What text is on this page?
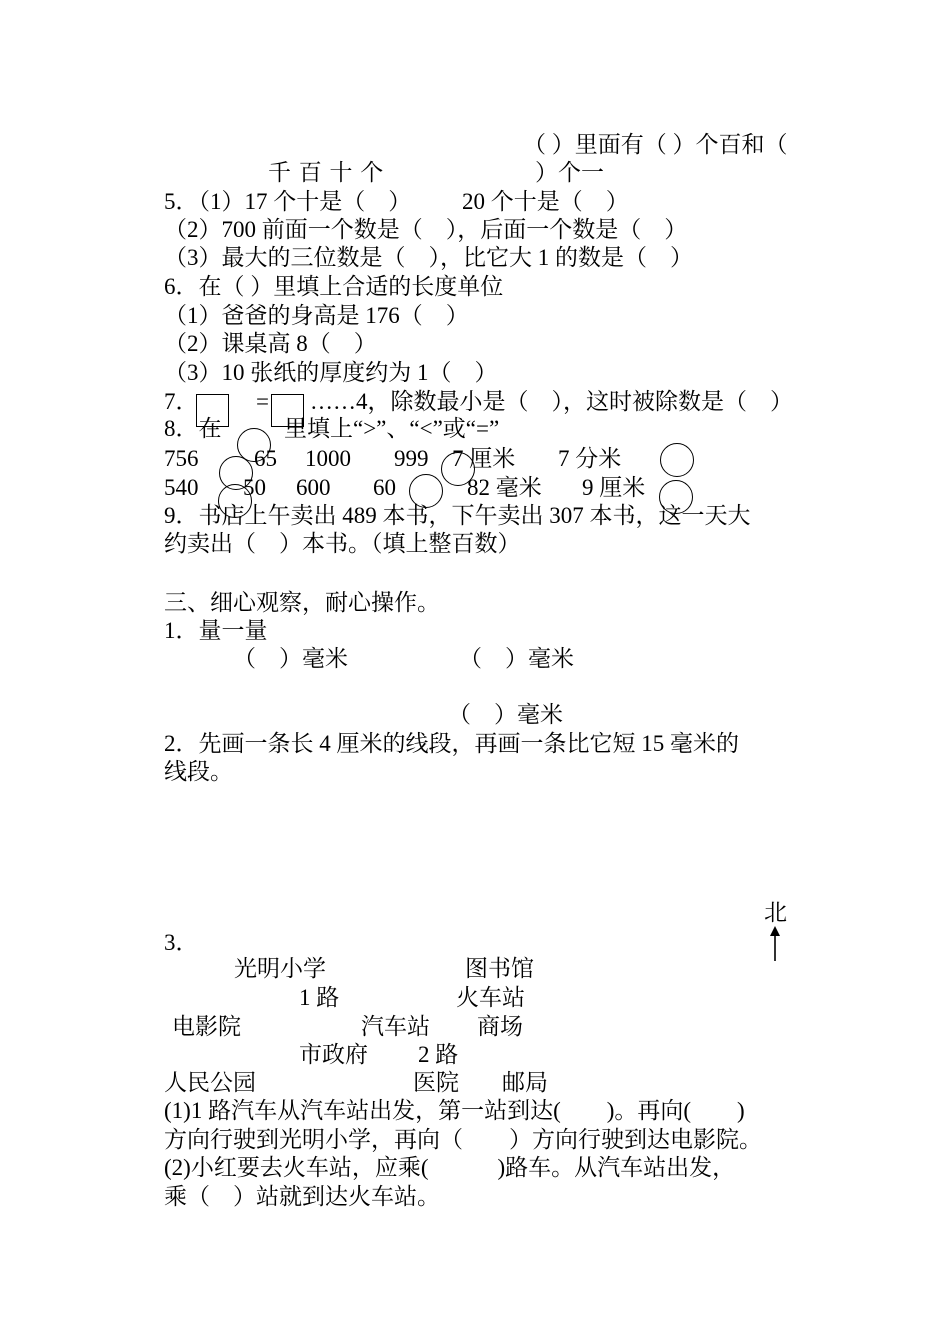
（ ）里面有（ ）个百和（
千 百 十 个	）个一
5．（1）17 个十是（　） 20 个十是（　）
（2）700 前面一个数是（　），后面一个数是（　）
（3）最大的三位数是（　），比它大 1 的数是（　）
6．在（ ）里填上合适的长度单位
（1）爸爸的身高是 176（　）
（2）课桌高 8（　）
（3）10 张纸的厚度约为 1（　）
7．	= ……4，除数最小是（　），这时被除数是（　）
8．在	里填上“>”、“<”或“=”
756 65 1000 999 7 厘米 7 分米
540 50 600 60	82 毫米 9 厘米
9．书店上午卖出 489 本书，下午卖出 307 本书，这一天大
约卖出（　）本书。（填上整百数）
三、细心观察，耐心操作。
1．量一量
（　）毫米	（　）毫米
（　）毫米
2．先画一条长 4 厘米的线段，再画一条比它短 15 毫米的
线段。
北
3．
光明小学	图书馆
1 路	火车站
电影院	汽车站 商场
市政府 2 路
人民公园	医院 邮局
(1)1 路汽车从汽车站出发，第一站到达(　　)。再向(　　)
方向行驶到光明小学，再向（　　）方向行驶到达电影院。
(2)小红要去火车站，应乘(　　　)路车。从汽车站出发，
乘（　）站就到达火车站。
